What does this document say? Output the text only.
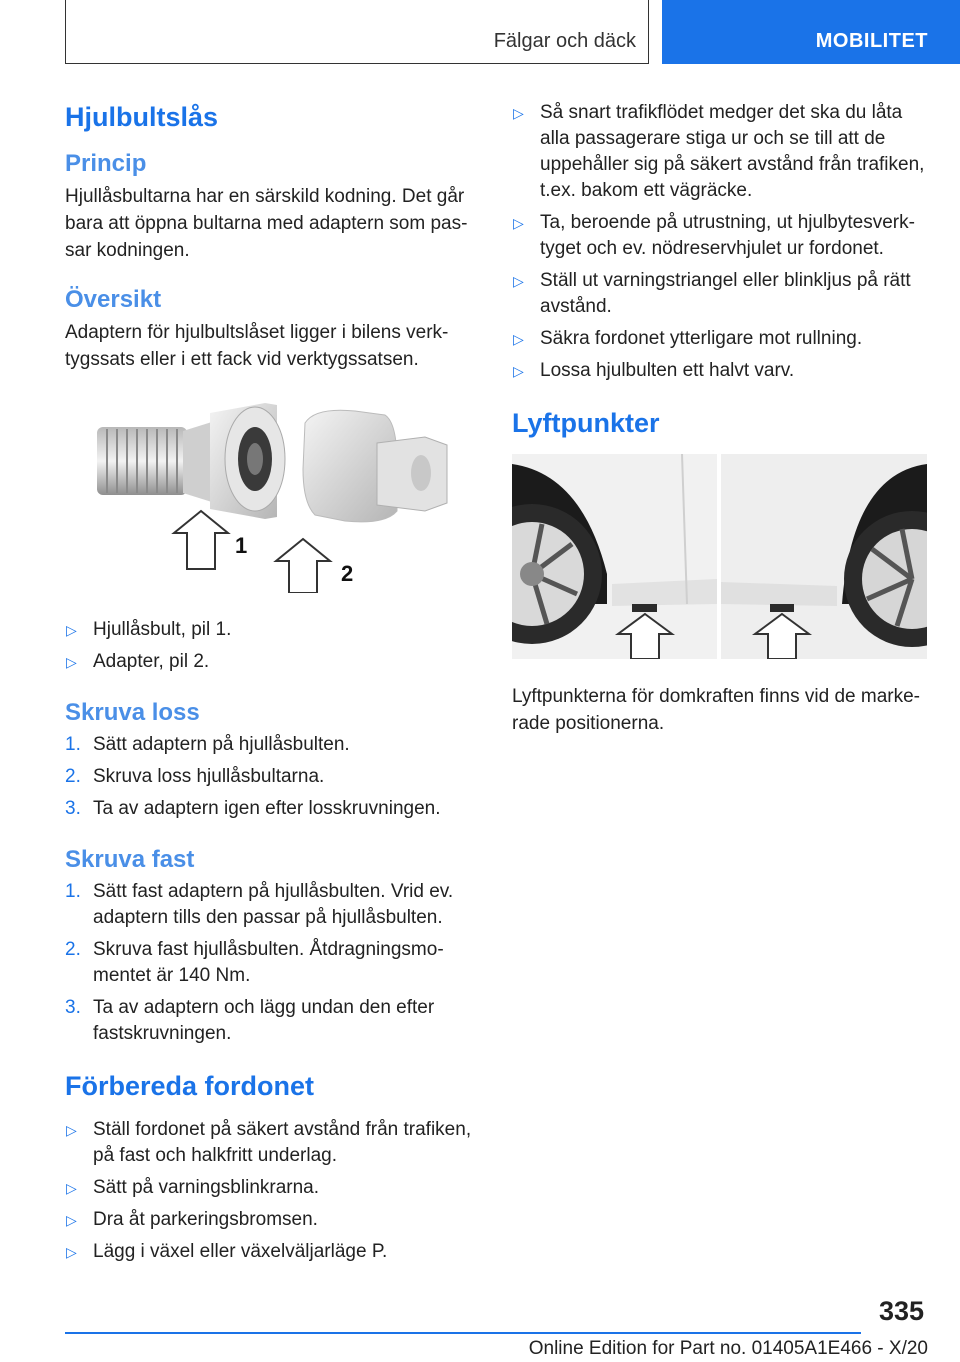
Fälgar och däck	MOBILITET
Hjulbultslås
Princip

Hjullåsbultarna har en särskild kodning. Det går bara att öppna bultarna med adaptern som passar kodningen.

Översikt

Adaptern för hjulbultslåset ligger i bilens verktygssats eller i ett fack vid verktygssatsen.

1
2
▷ Hjullåsbult, pil 1.
▷ Adapter, pil 2.
Skruva loss
1. Sätt adaptern på hjullåsbulten.
2. Skruva loss hjullåsbultarna.
3. Ta av adaptern igen efter losskruvningen.
Skruva fast
1. Sätt fast adaptern på hjullåsbulten. Vrid ev. adaptern tills den passar på hjullåsbulten.
2. Skruva fast hjullåsbulten. Åtdragningsmomentet är 140 Nm.
3. Ta av adaptern och lägg undan den efter fastskruvningen.
Förbereda fordonet
▷ Ställ fordonet på säkert avstånd från trafiken, på fast och halkfritt underlag.
▷ Sätt på varningsblinkrarna.
▷ Dra åt parkeringsbromsen.
▷ Lägg i växel eller växelväljarläge P.
▷ Så snart trafikflödet medger det ska du låta alla passagerare stiga ur och se till att de uppehåller sig på säkert avstånd från trafiken, t.ex. bakom ett vägräcke.
▷ Ta, beroende på utrustning, ut hjulbytesverktyget och ev. nödreservhjulet ur fordonet.
▷ Ställ ut varningstriangel eller blinkljus på rätt avstånd.
▷ Säkra fordonet ytterligare mot rullning.
▷ Lossa hjulbulten ett halvt varv.
Lyftpunkter

Lyftpunkterna för domkraften finns vid de markerade positionerna.

335
Online Edition for Part no. 01405A1E466 - X/20
